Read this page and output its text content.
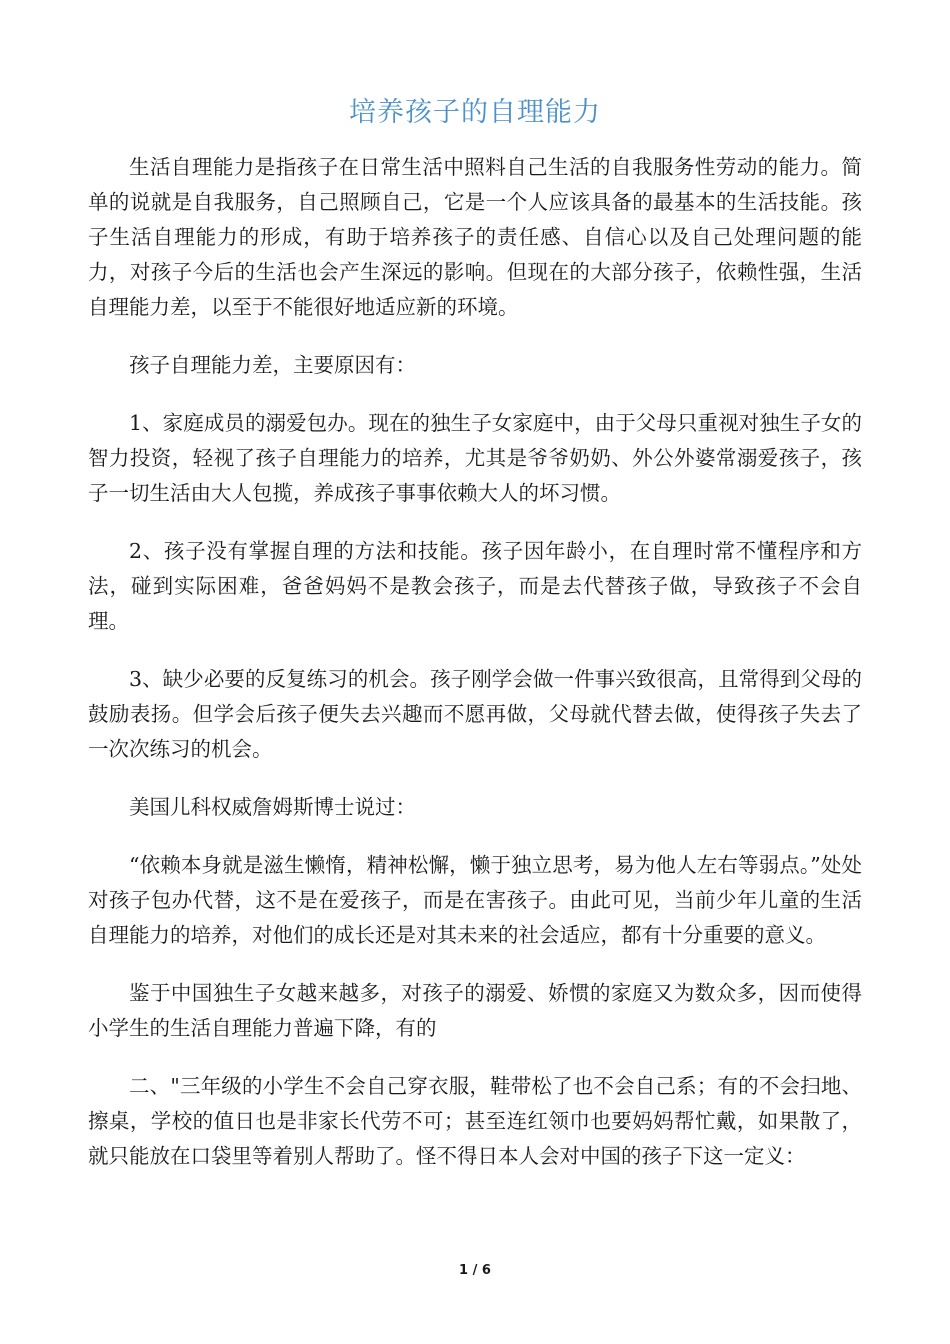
培养孩子的自理能力

生活自理能力是指孩子在日常生活中照料自己生活的自我服务性劳动的能力。简单的说就是自我服务，自己照顾自己，它是一个人应该具备的最基本的生活技能。孩子生活自理能力的形成，有助于培养孩子的责任感、自信心以及自己处理问题的能力，对孩子今后的生活也会产生深远的影响。但现在的大部分孩子，依赖性强，生活自理能力差，以至于不能很好地适应新的环境。

孩子自理能力差，主要原因有：

1、家庭成员的溺爱包办。现在的独生子女家庭中，由于父母只重视对独生子女的智力投资，轻视了孩子自理能力的培养，尤其是爷爷奶奶、外公外婆常溺爱孩子，孩子一切生活由大人包揽，养成孩子事事依赖大人的坏习惯。

2、孩子没有掌握自理的方法和技能。孩子因年龄小，在自理时常不懂程序和方法，碰到实际困难，爸爸妈妈不是教会孩子，而是去代替孩子做，导致孩子不会自理。

3、缺少必要的反复练习的机会。孩子刚学会做一件事兴致很高，且常得到父母的鼓励表扬。但学会后孩子便失去兴趣而不愿再做，父母就代替去做，使得孩子失去了一次次练习的机会。

美国儿科权威詹姆斯博士说过：

“依赖本身就是滋生懒惰，精神松懈，懒于独立思考，易为他人左右等弱点。”处处对孩子包办代替，这不是在爱孩子，而是在害孩子。由此可见，当前少年儿童的生活自理能力的培养，对他们的成长还是对其未来的社会适应，都有十分重要的意义。

鉴于中国独生子女越来越多，对孩子的溺爱、娇惯的家庭又为数众多，因而使得小学生的生活自理能力普遍下降，有的

二、"三年级的小学生不会自己穿衣服，鞋带松了也不会自己系；有的不会扫地、擦桌，学校的值日也是非家长代劳不可；甚至连红领巾也要妈妈帮忙戴，如果散了，就只能放在口袋里等着别人帮助了。怪不得日本人会对中国的孩子下这一定义：

1 / 6
